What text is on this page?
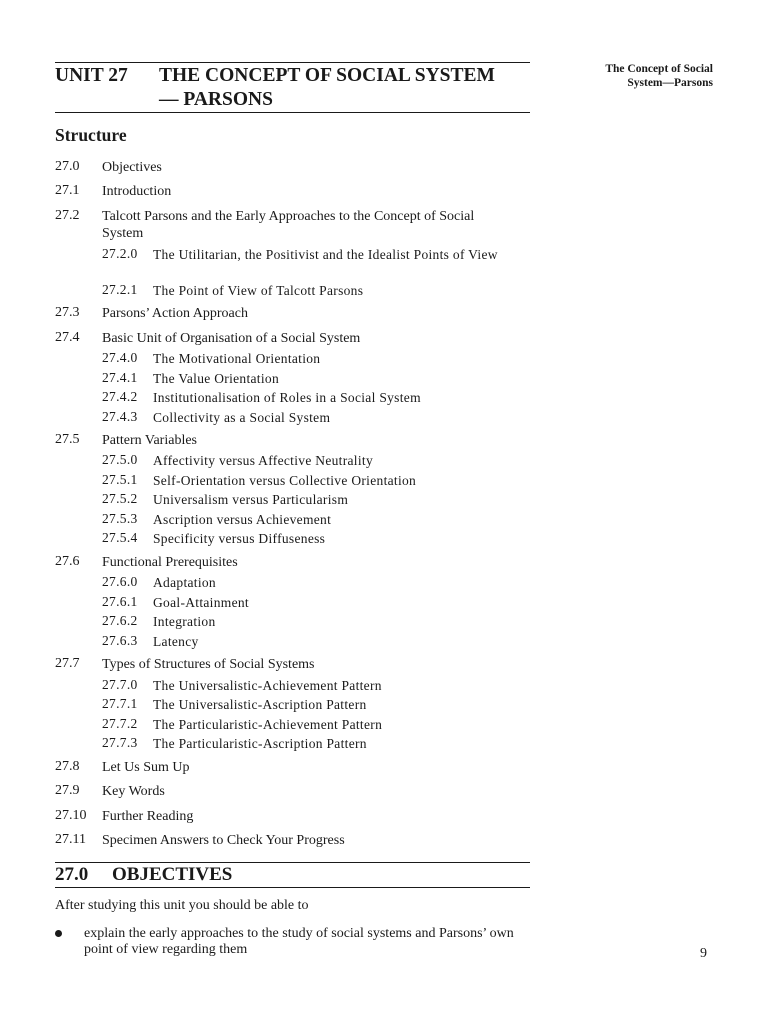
The Concept of Social
System—Parsons
UNIT 27 THE CONCEPT OF SOCIAL SYSTEM
— PARSONS
Structure
27.0 Objectives
27.1 Introduction
27.2 Talcott Parsons and the Early Approaches to the Concept of Social System
27.2.0 The Utilitarian, the Positivist and the Idealist Points of View
27.2.1 The Point of View of Talcott Parsons
27.3 Parsons’ Action Approach
27.4 Basic Unit of Organisation of a Social System
27.4.0 The Motivational Orientation
27.4.1 The Value Orientation
27.4.2 Institutionalisation of Roles in a Social System
27.4.3 Collectivity as a Social System
27.5 Pattern Variables
27.5.0 Affectivity versus Affective Neutrality
27.5.1 Self-Orientation versus Collective Orientation
27.5.2 Universalism versus Particularism
27.5.3 Ascription versus Achievement
27.5.4 Specificity versus Diffuseness
27.6 Functional Prerequisites
27.6.0 Adaptation
27.6.1 Goal-Attainment
27.6.2 Integration
27.6.3 Latency
27.7 Types of Structures of Social Systems
27.7.0 The Universalistic-Achievement Pattern
27.7.1 The Universalistic-Ascription Pattern
27.7.2 The Particularistic-Achievement Pattern
27.7.3 The Particularistic-Ascription Pattern
27.8 Let Us Sum Up
27.9 Key Words
27.10 Further Reading
27.11 Specimen Answers to Check Your Progress
27.0 OBJECTIVES
After studying this unit you should be able to
explain the early approaches to the study of social systems and Parsons’ own point of view regarding them	9
